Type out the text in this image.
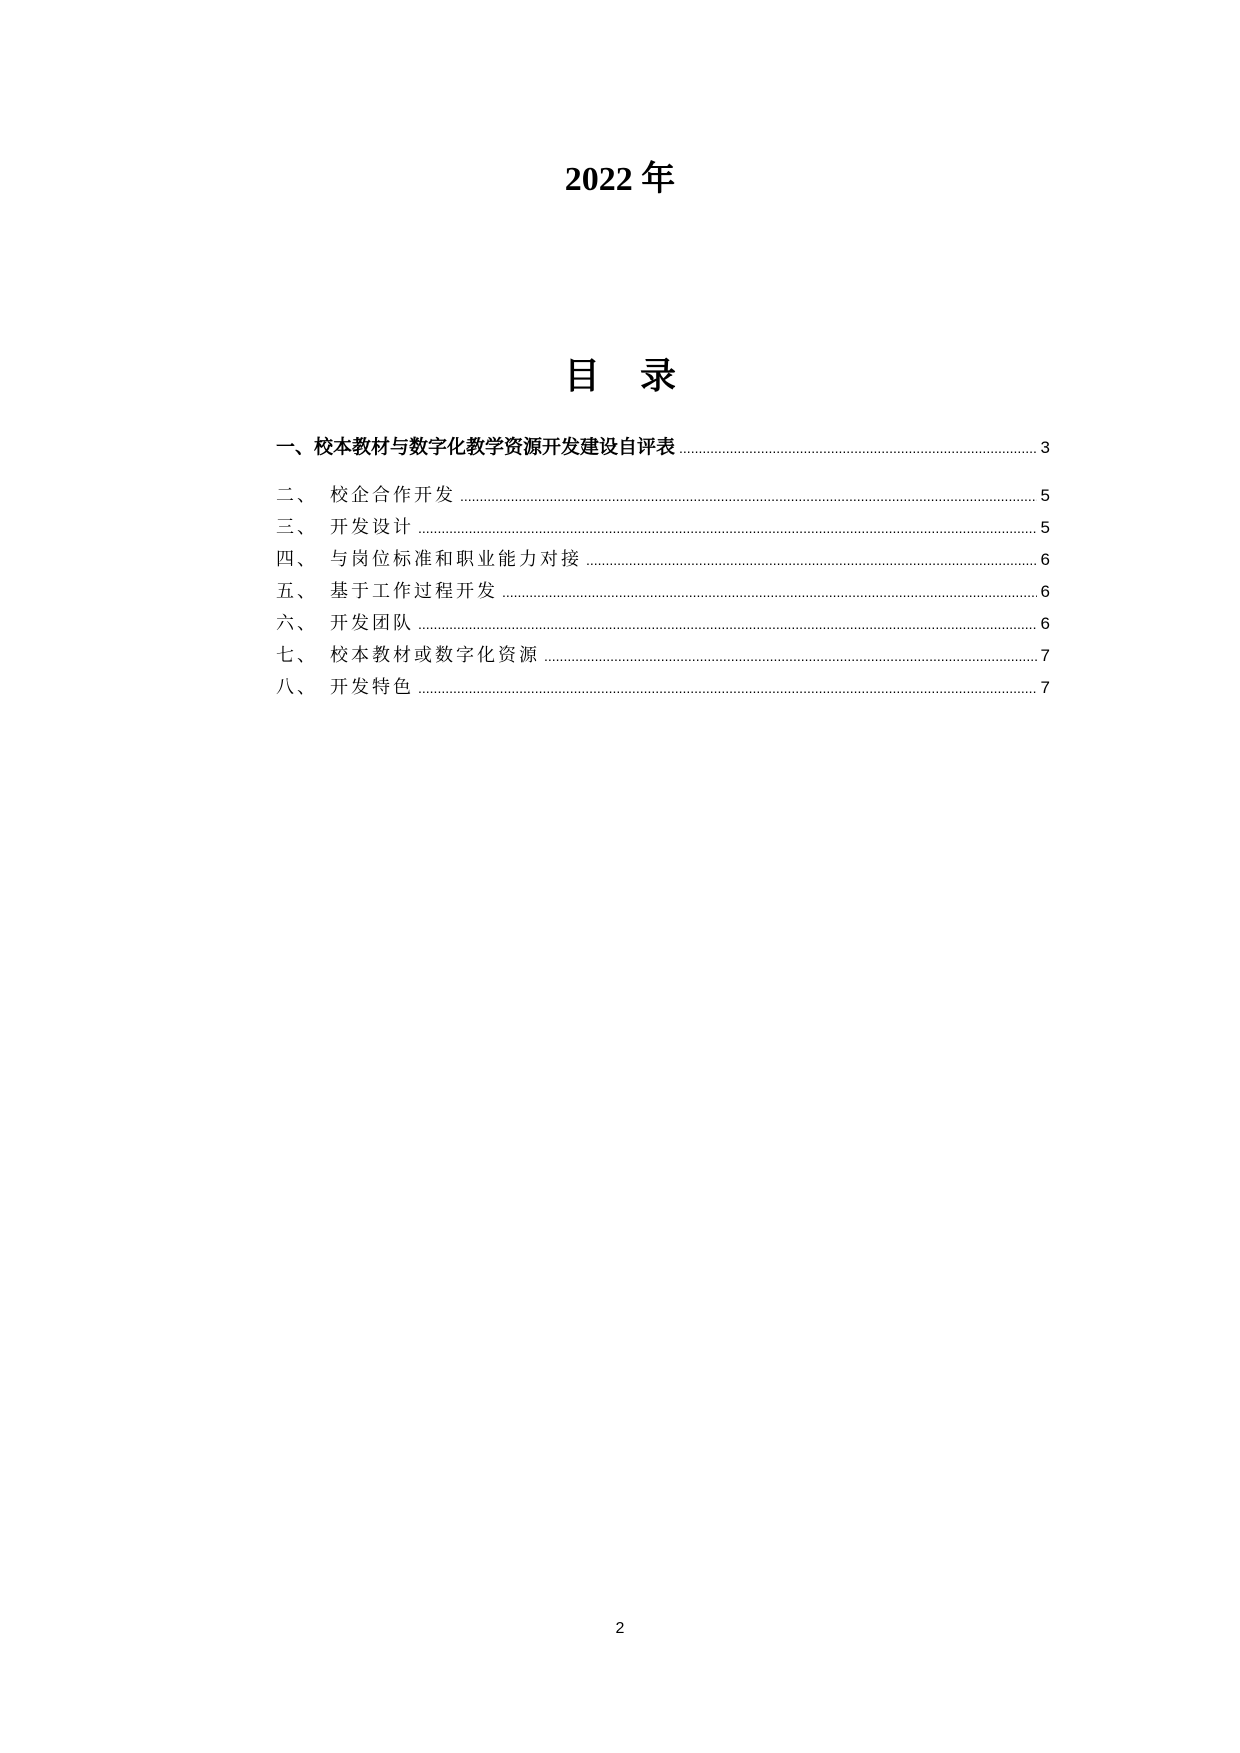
2022 年
目录
一、 校本教材与数字化教学资源开发建设自评表 .....	3
二、 校企合作开发 .....	5
三、 开发设计 .....	5
四、 与岗位标准和职业能力对接 .....	6
五、 基于工作过程开发 .....	6
六、 开发团队 .....	6
七、 校本教材或数字化资源 .....	7
八、 开发特色 .....	7

2
